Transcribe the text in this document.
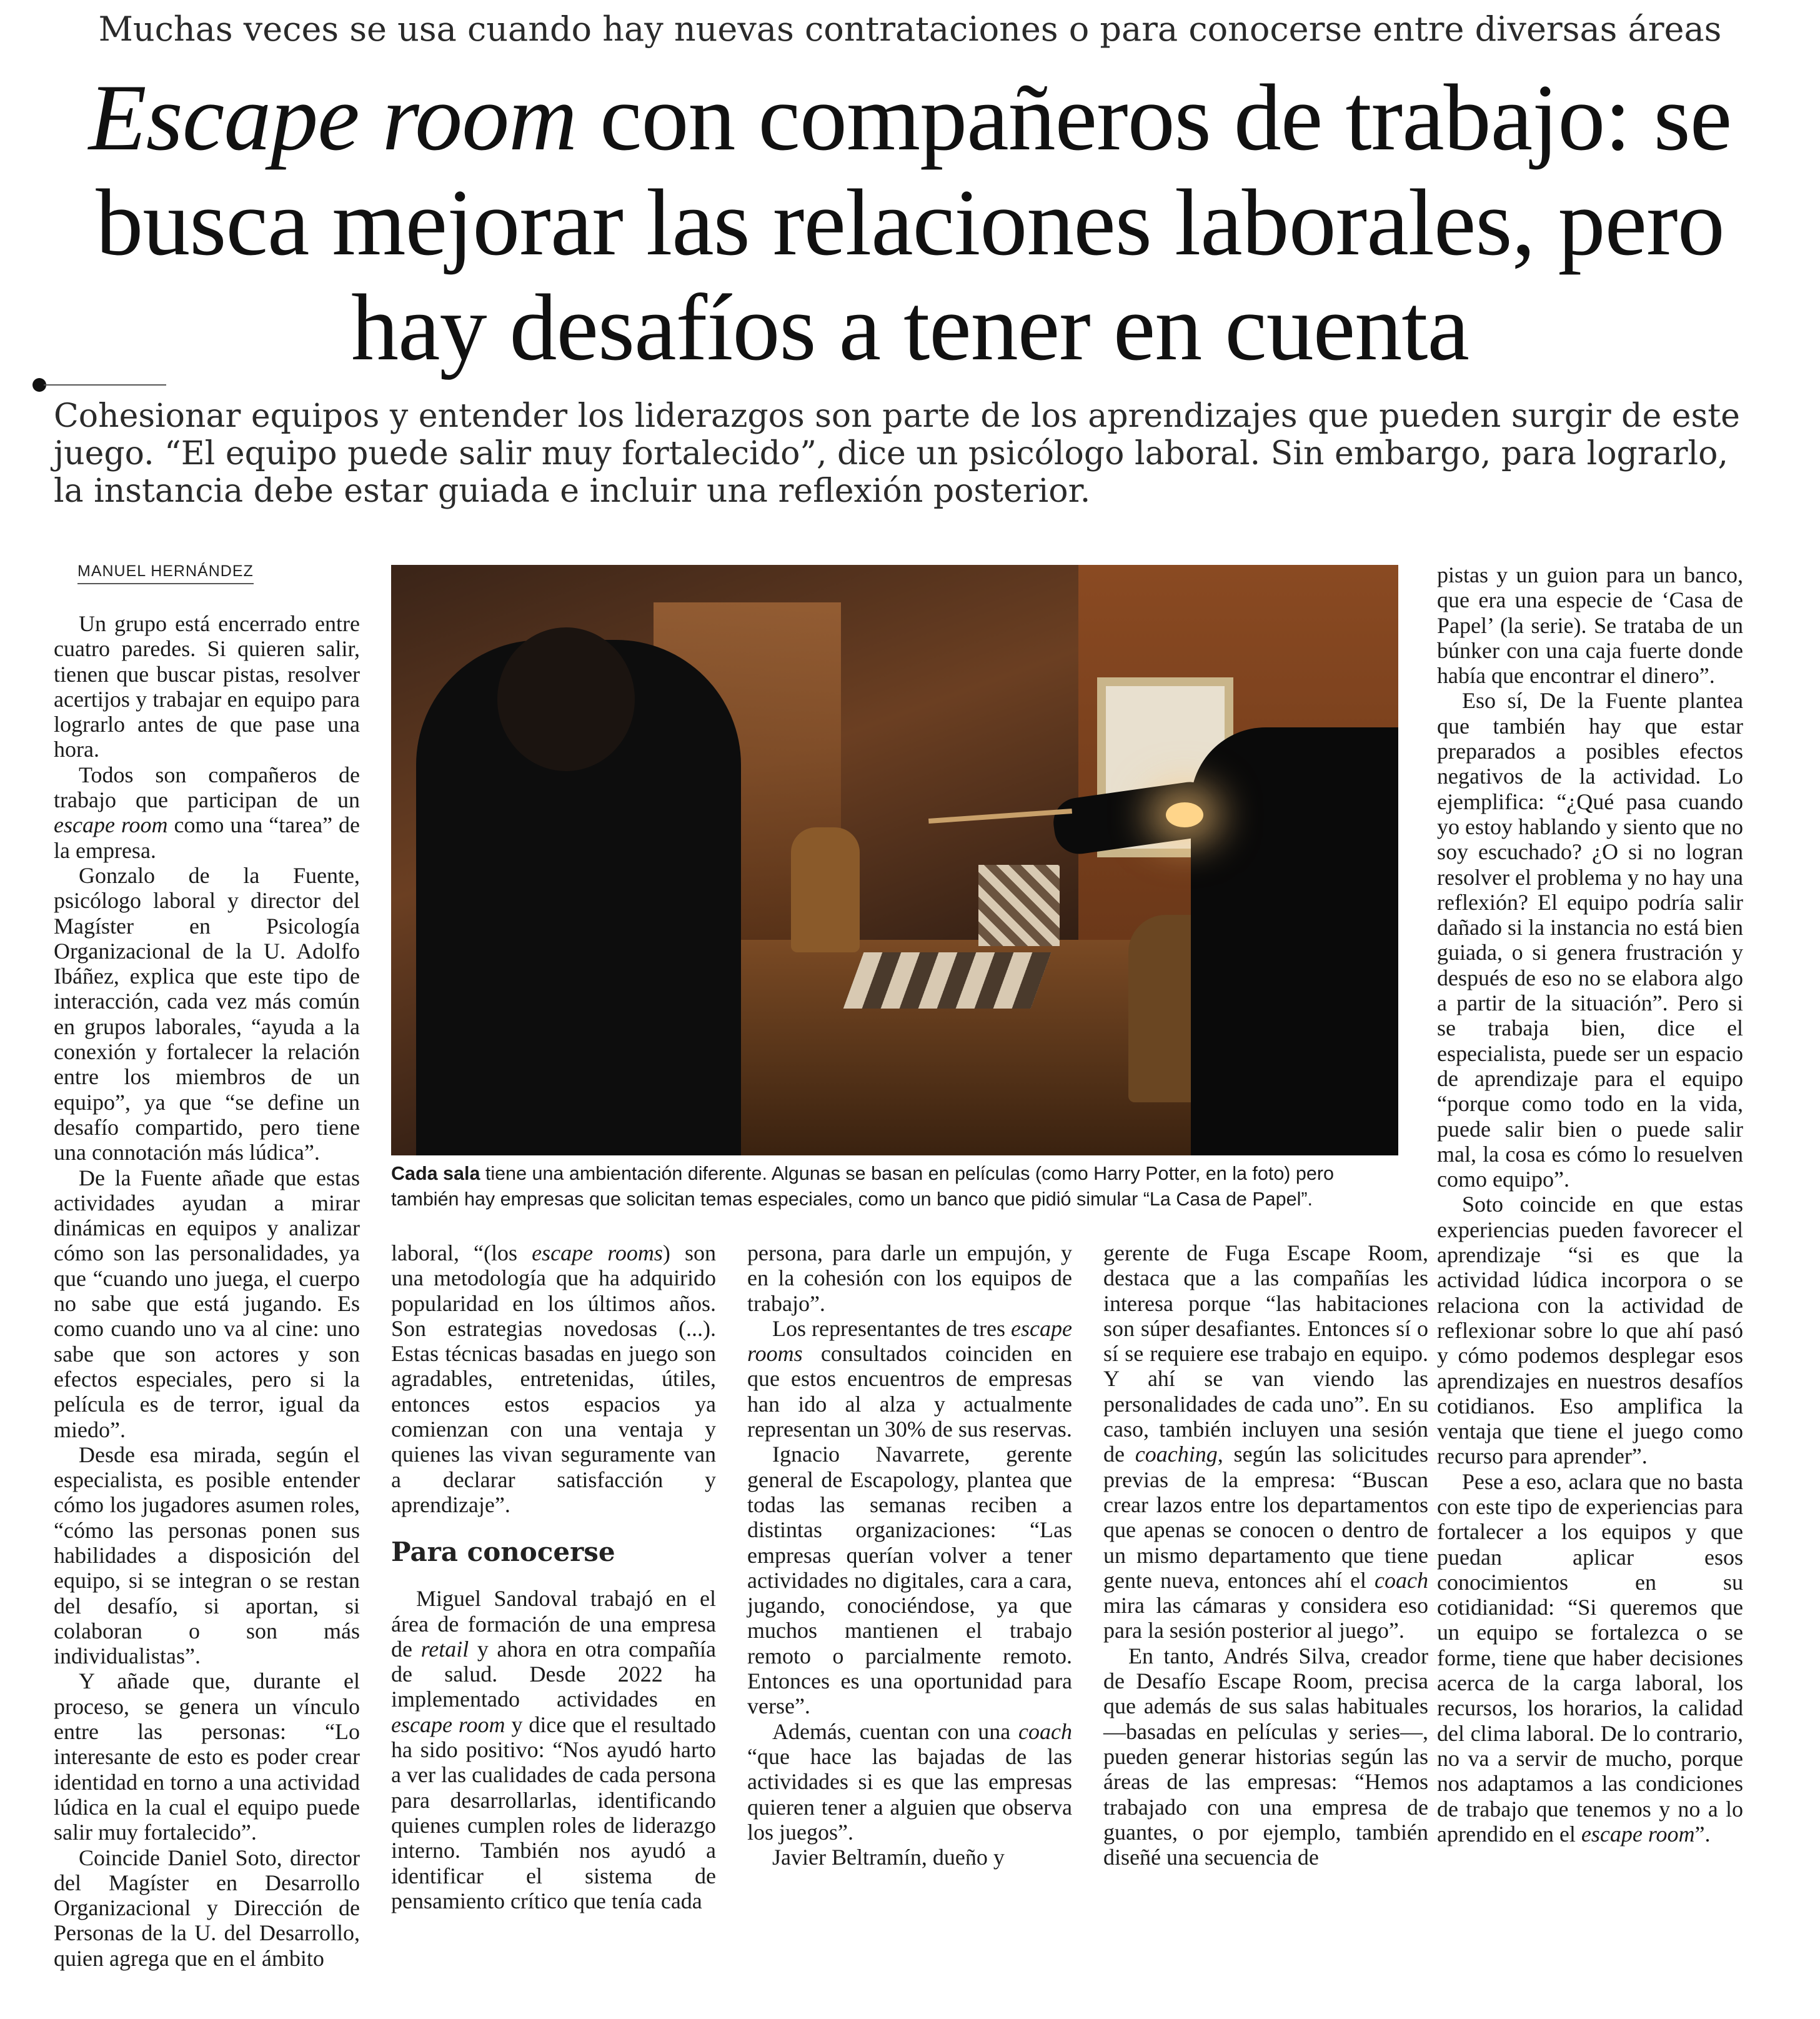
Muchas veces se usa cuando hay nuevas contrataciones o para conocerse entre diversas áreas
Escape room con compañeros de trabajo: se busca mejorar las relaciones laborales, pero hay desafíos a tener en cuenta
Cohesionar equipos y entender los liderazgos son parte de los aprendizajes que pueden surgir de este juego. “El equipo puede salir muy fortalecido”, dice un psicólogo laboral. Sin embargo, para lograrlo, la instancia debe estar guiada e incluir una reflexión posterior.
MANUEL HERNÁNDEZ

Un grupo está encerrado entre cuatro paredes. Si quieren salir, tienen que buscar pistas, resolver acertijos y trabajar en equipo para lograrlo antes de que pase una hora.

Todos son compañeros de trabajo que participan de un escape room como una “tarea” de la empresa.

Gonzalo de la Fuente, psicólogo laboral y director del Magíster en Psicología Organizacional de la U. Adolfo Ibáñez, explica que este tipo de interacción, cada vez más común en grupos laborales, “ayuda a la conexión y fortalecer la relación entre los miembros de un equipo”, ya que “se define un desafío compartido, pero tiene una connotación más lúdica”.

De la Fuente añade que estas actividades ayudan a mirar dinámicas en equipos y analizar cómo son las personalidades, ya que “cuando uno juega, el cuerpo no sabe que está jugando. Es como cuando uno va al cine: uno sabe que son actores y son efectos especiales, pero si la película es de terror, igual da miedo”.

Desde esa mirada, según el especialista, es posible entender cómo los jugadores asumen roles, “cómo las personas ponen sus habilidades a disposición del equipo, si se integran o se restan del desafío, si aportan, si colaboran o son más individualistas”.

Y añade que, durante el proceso, se genera un vínculo entre las personas: “Lo interesante de esto es poder crear identidad en torno a una actividad lúdica en la cual el equipo puede salir muy fortalecido”.

Coincide Daniel Soto, director del Magíster en Desarrollo Organizacional y Dirección de Personas de la U. del Desarrollo, quien agrega que en el ámbito

Cada sala tiene una ambientación diferente. Algunas se basan en películas (como Harry Potter, en la foto) pero también hay empresas que solicitan temas especiales, como un banco que pidió simular “La Casa de Papel”.

laboral, “(los escape rooms) son una metodología que ha adquirido popularidad en los últimos años. Son estrategias novedosas (...). Estas técnicas basadas en juego son agradables, entretenidas, útiles, entonces estos espacios ya comienzan con una ventaja y quienes las vivan seguramente van a declarar satisfacción y aprendizaje”.

Para conocerse

Miguel Sandoval trabajó en el área de formación de una empresa de retail y ahora en otra compañía de salud. Desde 2022 ha implementado actividades en escape room y dice que el resultado ha sido positivo: “Nos ayudó harto a ver las cualidades de cada persona para desarrollarlas, identificando quienes cumplen roles de liderazgo interno. También nos ayudó a identificar el sistema de pensamiento crítico que tenía cada

persona, para darle un empujón, y en la cohesión con los equipos de trabajo”.

Los representantes de tres escape rooms consultados coinciden en que estos encuentros de empresas han ido al alza y actualmente representan un 30% de sus reservas.

Ignacio Navarrete, gerente general de Escapology, plantea que todas las semanas reciben a distintas organizaciones: “Las empresas querían volver a tener actividades no digitales, cara a cara, jugando, conociéndose, ya que muchos mantienen el trabajo remoto o parcialmente remoto. Entonces es una oportunidad para verse”.

Además, cuentan con una coach “que hace las bajadas de las actividades si es que las empresas quieren tener a alguien que observa los juegos”.

Javier Beltramín, dueño y

gerente de Fuga Escape Room, destaca que a las compañías les interesa porque “las habitaciones son súper desafiantes. Entonces sí o sí se requiere ese trabajo en equipo. Y ahí se van viendo las personalidades de cada uno”. En su caso, también incluyen una sesión de coaching, según las solicitudes previas de la empresa: “Buscan crear lazos entre los departamentos que apenas se conocen o dentro de un mismo departamento que tiene gente nueva, entonces ahí el coach mira las cámaras y considera eso para la sesión posterior al juego”.

En tanto, Andrés Silva, creador de Desafío Escape Room, precisa que además de sus salas habituales —basadas en películas y series—, pueden generar historias según las áreas de las empresas: “Hemos trabajado con una empresa de guantes, o por ejemplo, también diseñé una secuencia de

pistas y un guion para un banco, que era una especie de ‘Casa de Papel’ (la serie). Se trataba de un búnker con una caja fuerte donde había que encontrar el dinero”.

Eso sí, De la Fuente plantea que también hay que estar preparados a posibles efectos negativos de la actividad. Lo ejemplifica: “¿Qué pasa cuando yo estoy hablando y siento que no soy escuchado? ¿O si no logran resolver el problema y no hay una reflexión? El equipo podría salir dañado si la instancia no está bien guiada, o si genera frustración y después de eso no se elabora algo a partir de la situación”. Pero si se trabaja bien, dice el especialista, puede ser un espacio de aprendizaje para el equipo “porque como todo en la vida, puede salir bien o puede salir mal, la cosa es cómo lo resuelven como equipo”.

Soto coincide en que estas experiencias pueden favorecer el aprendizaje “si es que la actividad lúdica incorpora o se relaciona con la actividad de reflexionar sobre lo que ahí pasó y cómo podemos desplegar esos aprendizajes en nuestros desafíos cotidianos. Eso amplifica la ventaja que tiene el juego como recurso para aprender”.

Pese a eso, aclara que no basta con este tipo de experiencias para fortalecer a los equipos y que puedan aplicar esos conocimientos en su cotidianidad: “Si queremos que un equipo se fortalezca o se forme, tiene que haber decisiones acerca de la carga laboral, los recursos, los horarios, la calidad del clima laboral. De lo contrario, no va a servir de mucho, porque nos adaptamos a las condiciones de trabajo que tenemos y no a lo aprendido en el escape room”.
